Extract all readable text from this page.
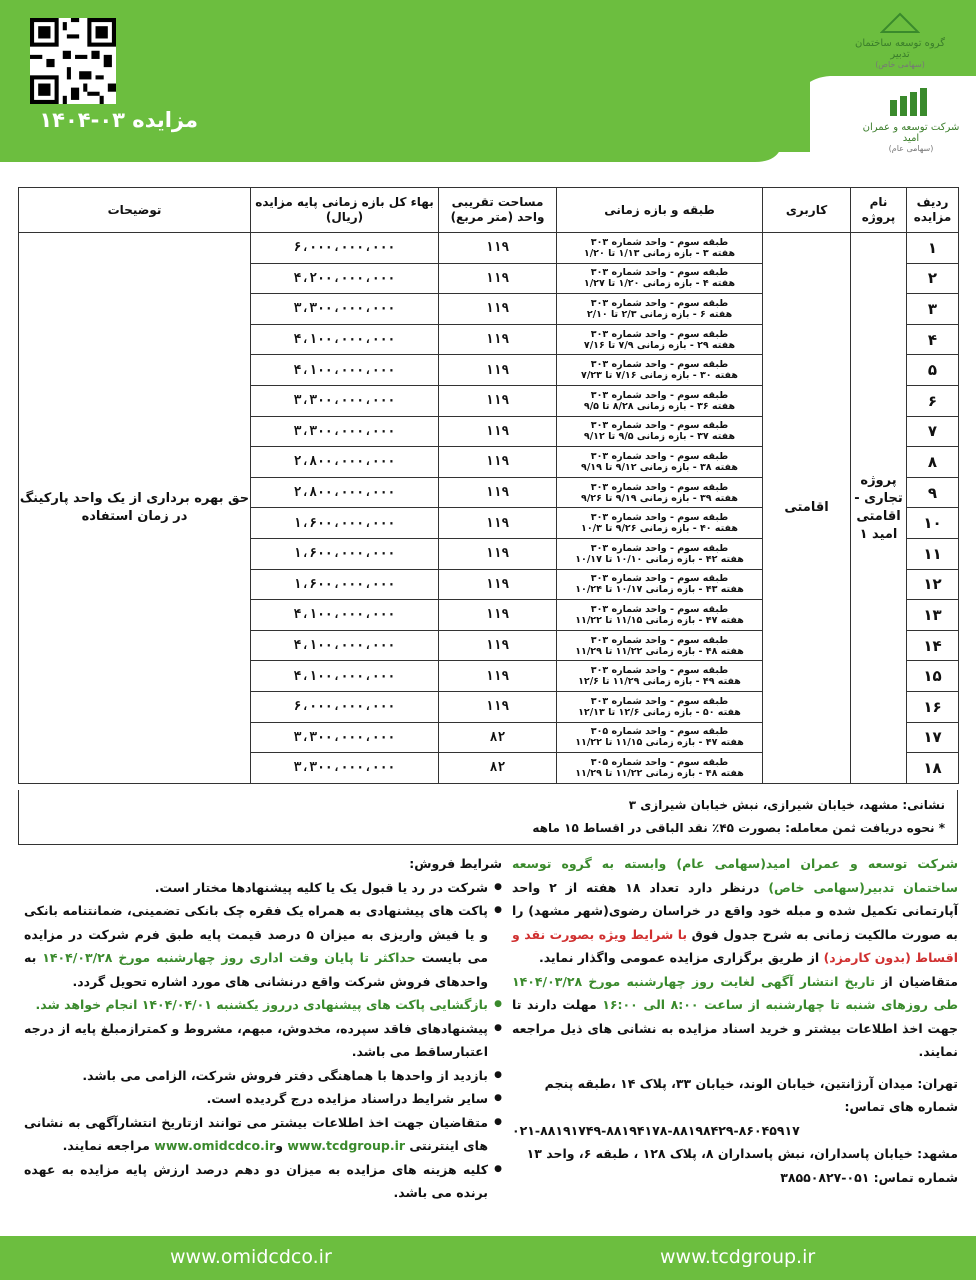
مزایده ۰۳-۱۴۰۴
گروه توسعه ساختمان
تدبیر
(سهامی خاص)
شرکت توسعه و عمران امید
(سهامی عام)
ردیف مزایده	نام پروژه	کاربری	طبقه و بازه زمانی	مساحت تقریبی واحد (متر مربع)	بهاء کل بازه زمانی پایه مزایده (ریال)	توضیحات
۱	پروژه تجاری - اقامتی امید ۱	اقامتی	طبقه سوم - واحد شماره ۳۰۳
هفته ۳ - بازه زمانی ۱/۱۳ تا ۱/۲۰	۱۱۹	۶،۰۰۰،۰۰۰،۰۰۰	حق بهره برداری از یک واحد پارکینگ در زمان استفاده
۲			طبقه سوم - واحد شماره ۳۰۳
هفته ۴ - بازه زمانی ۱/۲۰ تا ۱/۲۷	۱۱۹	۴،۲۰۰،۰۰۰،۰۰۰	
۳			طبقه سوم - واحد شماره ۳۰۳
هفته ۶ - بازه زمانی ۲/۳ تا ۲/۱۰	۱۱۹	۳،۳۰۰،۰۰۰،۰۰۰	
۴			طبقه سوم - واحد شماره ۳۰۳
هفته ۲۹ - بازه زمانی ۷/۹ تا ۷/۱۶	۱۱۹	۴،۱۰۰،۰۰۰،۰۰۰	
۵			طبقه سوم - واحد شماره ۳۰۳
هفته ۳۰ - بازه زمانی ۷/۱۶ تا ۷/۲۳	۱۱۹	۴،۱۰۰،۰۰۰،۰۰۰	
۶			طبقه سوم - واحد شماره ۳۰۳
هفته ۳۶ - بازه زمانی ۸/۲۸ تا ۹/۵	۱۱۹	۳،۳۰۰،۰۰۰،۰۰۰	
۷			طبقه سوم - واحد شماره ۳۰۳
هفته ۳۷ - بازه زمانی ۹/۵ تا ۹/۱۲	۱۱۹	۳،۳۰۰،۰۰۰،۰۰۰	
۸			طبقه سوم - واحد شماره ۳۰۳
هفته ۳۸ - بازه زمانی ۹/۱۲ تا ۹/۱۹	۱۱۹	۲،۸۰۰،۰۰۰،۰۰۰	
۹			طبقه سوم - واحد شماره ۳۰۳
هفته ۳۹ - بازه زمانی ۹/۱۹ تا ۹/۲۶	۱۱۹	۲،۸۰۰،۰۰۰،۰۰۰	
۱۰			طبقه سوم - واحد شماره ۳۰۳
هفته ۴۰ - بازه زمانی ۹/۲۶ تا ۱۰/۳	۱۱۹	۱،۶۰۰،۰۰۰،۰۰۰	
۱۱			طبقه سوم - واحد شماره ۳۰۳
هفته ۴۲ - بازه زمانی ۱۰/۱۰ تا ۱۰/۱۷	۱۱۹	۱،۶۰۰،۰۰۰،۰۰۰	
۱۲			طبقه سوم - واحد شماره ۳۰۳
هفته ۴۳ - بازه زمانی ۱۰/۱۷ تا ۱۰/۲۴	۱۱۹	۱،۶۰۰،۰۰۰،۰۰۰	
۱۳			طبقه سوم - واحد شماره ۳۰۳
هفته ۴۷ - بازه زمانی ۱۱/۱۵ تا ۱۱/۲۲	۱۱۹	۴،۱۰۰،۰۰۰،۰۰۰	
۱۴			طبقه سوم - واحد شماره ۳۰۳
هفته ۴۸ - بازه زمانی ۱۱/۲۲ تا ۱۱/۲۹	۱۱۹	۴،۱۰۰،۰۰۰،۰۰۰	
۱۵			طبقه سوم - واحد شماره ۳۰۳
هفته ۴۹ - بازه زمانی ۱۱/۲۹ تا ۱۲/۶	۱۱۹	۴،۱۰۰،۰۰۰،۰۰۰	
۱۶			طبقه سوم - واحد شماره ۳۰۳
هفته ۵۰ - بازه زمانی ۱۲/۶ تا ۱۲/۱۳	۱۱۹	۶،۰۰۰،۰۰۰،۰۰۰	
۱۷			طبقه سوم - واحد شماره ۳۰۵
هفته ۴۷ - بازه زمانی ۱۱/۱۵ تا ۱۱/۲۲	۸۲	۳،۳۰۰،۰۰۰،۰۰۰	
۱۸			طبقه سوم - واحد شماره ۳۰۵
هفته ۴۸ - بازه زمانی ۱۱/۲۲ تا ۱۱/۲۹	۸۲	۳،۳۰۰،۰۰۰،۰۰۰	
نشانی: مشهد، خیابان شیرازی، نبش خیابان شیرازی ۳
* نحوه دریافت ثمن معامله: بصورت ۴۵٪ نقد الباقی در اقساط ۱۵ ماهه
شرکت توسعه و عمران امید(سهامی عام) وابسته به گروه توسعه ساختمان تدبیر(سهامی خاص) درنظر دارد تعداد ۱۸ هفته از ۲ واحد آپارتمانی تکمیل شده و مبله خود واقع در خراسان رضوی(شهر مشهد) را به صورت مالکیت زمانی به شرح جدول فوق با شرایط ویژه بصورت نقد و اقساط (بدون کارمزد) از طریق برگزاری مزایده عمومی واگذار نماید.
متقاضیان از تاریخ انتشار آگهی لغایت روز چهارشنبه مورخ ۱۴۰۴/۰۳/۲۸ طی روزهای شنبه تا چهارشنبه از ساعت ۸:۰۰ الی ۱۶:۰۰ مهلت دارند تا جهت اخذ اطلاعات بیشتر و خرید اسناد مزایده به نشانی های ذیل مراجعه نمایند.
تهران: میدان آرژانتین، خیابان الوند، خیابان ۳۳، پلاک ۱۴ ،طبقه پنجم
شماره های تماس:
۰۲۱-۸۸۱۹۱۷۴۹-۸۸۱۹۴۱۷۸-۸۸۱۹۸۴۲۹-۸۶۰۴۵۹۱۷
مشهد: خیابان پاسداران، نبش پاسداران ۸، پلاک ۱۲۸ ، طبقه ۶، واحد ۱۳
شماره تماس: ۰۵۱-۳۸۵۵۰۸۲۷
شرایط فروش:
● شرکت در رد یا قبول یک یا کلیه پیشنهادها مختار است.
● پاکت های پیشنهادی به همراه یک فقره چک بانکی تضمینی، ضمانتنامه بانکی و یا فیش واریزی به میزان ۵ درصد قیمت پایه طبق فرم شرکت در مزایده می بایست حداکثر تا پایان وقت اداری روز چهارشنبه مورخ ۱۴۰۴/۰۳/۲۸ به واحدهای فروش شرکت واقع درنشانی های مورد اشاره تحویل گردد.
● بازگشایی پاکت های پیشنهادی درروز یکشنبه ۱۴۰۴/۰۴/۰۱ انجام خواهد شد.
● پیشنهادهای فاقد سپرده، مخدوش، مبهم، مشروط و کمترازمبلغ پایه از درجه اعتبارساقط می باشد.
● بازدید از واحدها با هماهنگی دفتر فروش شرکت، الزامی می باشد.
● سایر شرایط دراسناد مزایده درج گردیده است.
● متقاضیان جهت اخذ اطلاعات بیشتر می توانند ازتاریخ انتشارآگهی به نشانی های اینترنتی www.tcdgroup.ir وwww.omidcdco.ir مراجعه نمایند.
● کلیه هزینه های مزایده به میزان دو دهم درصد ارزش پایه مزایده به عهده برنده می باشد.
www.omidcdco.ir	www.tcdgroup.ir
